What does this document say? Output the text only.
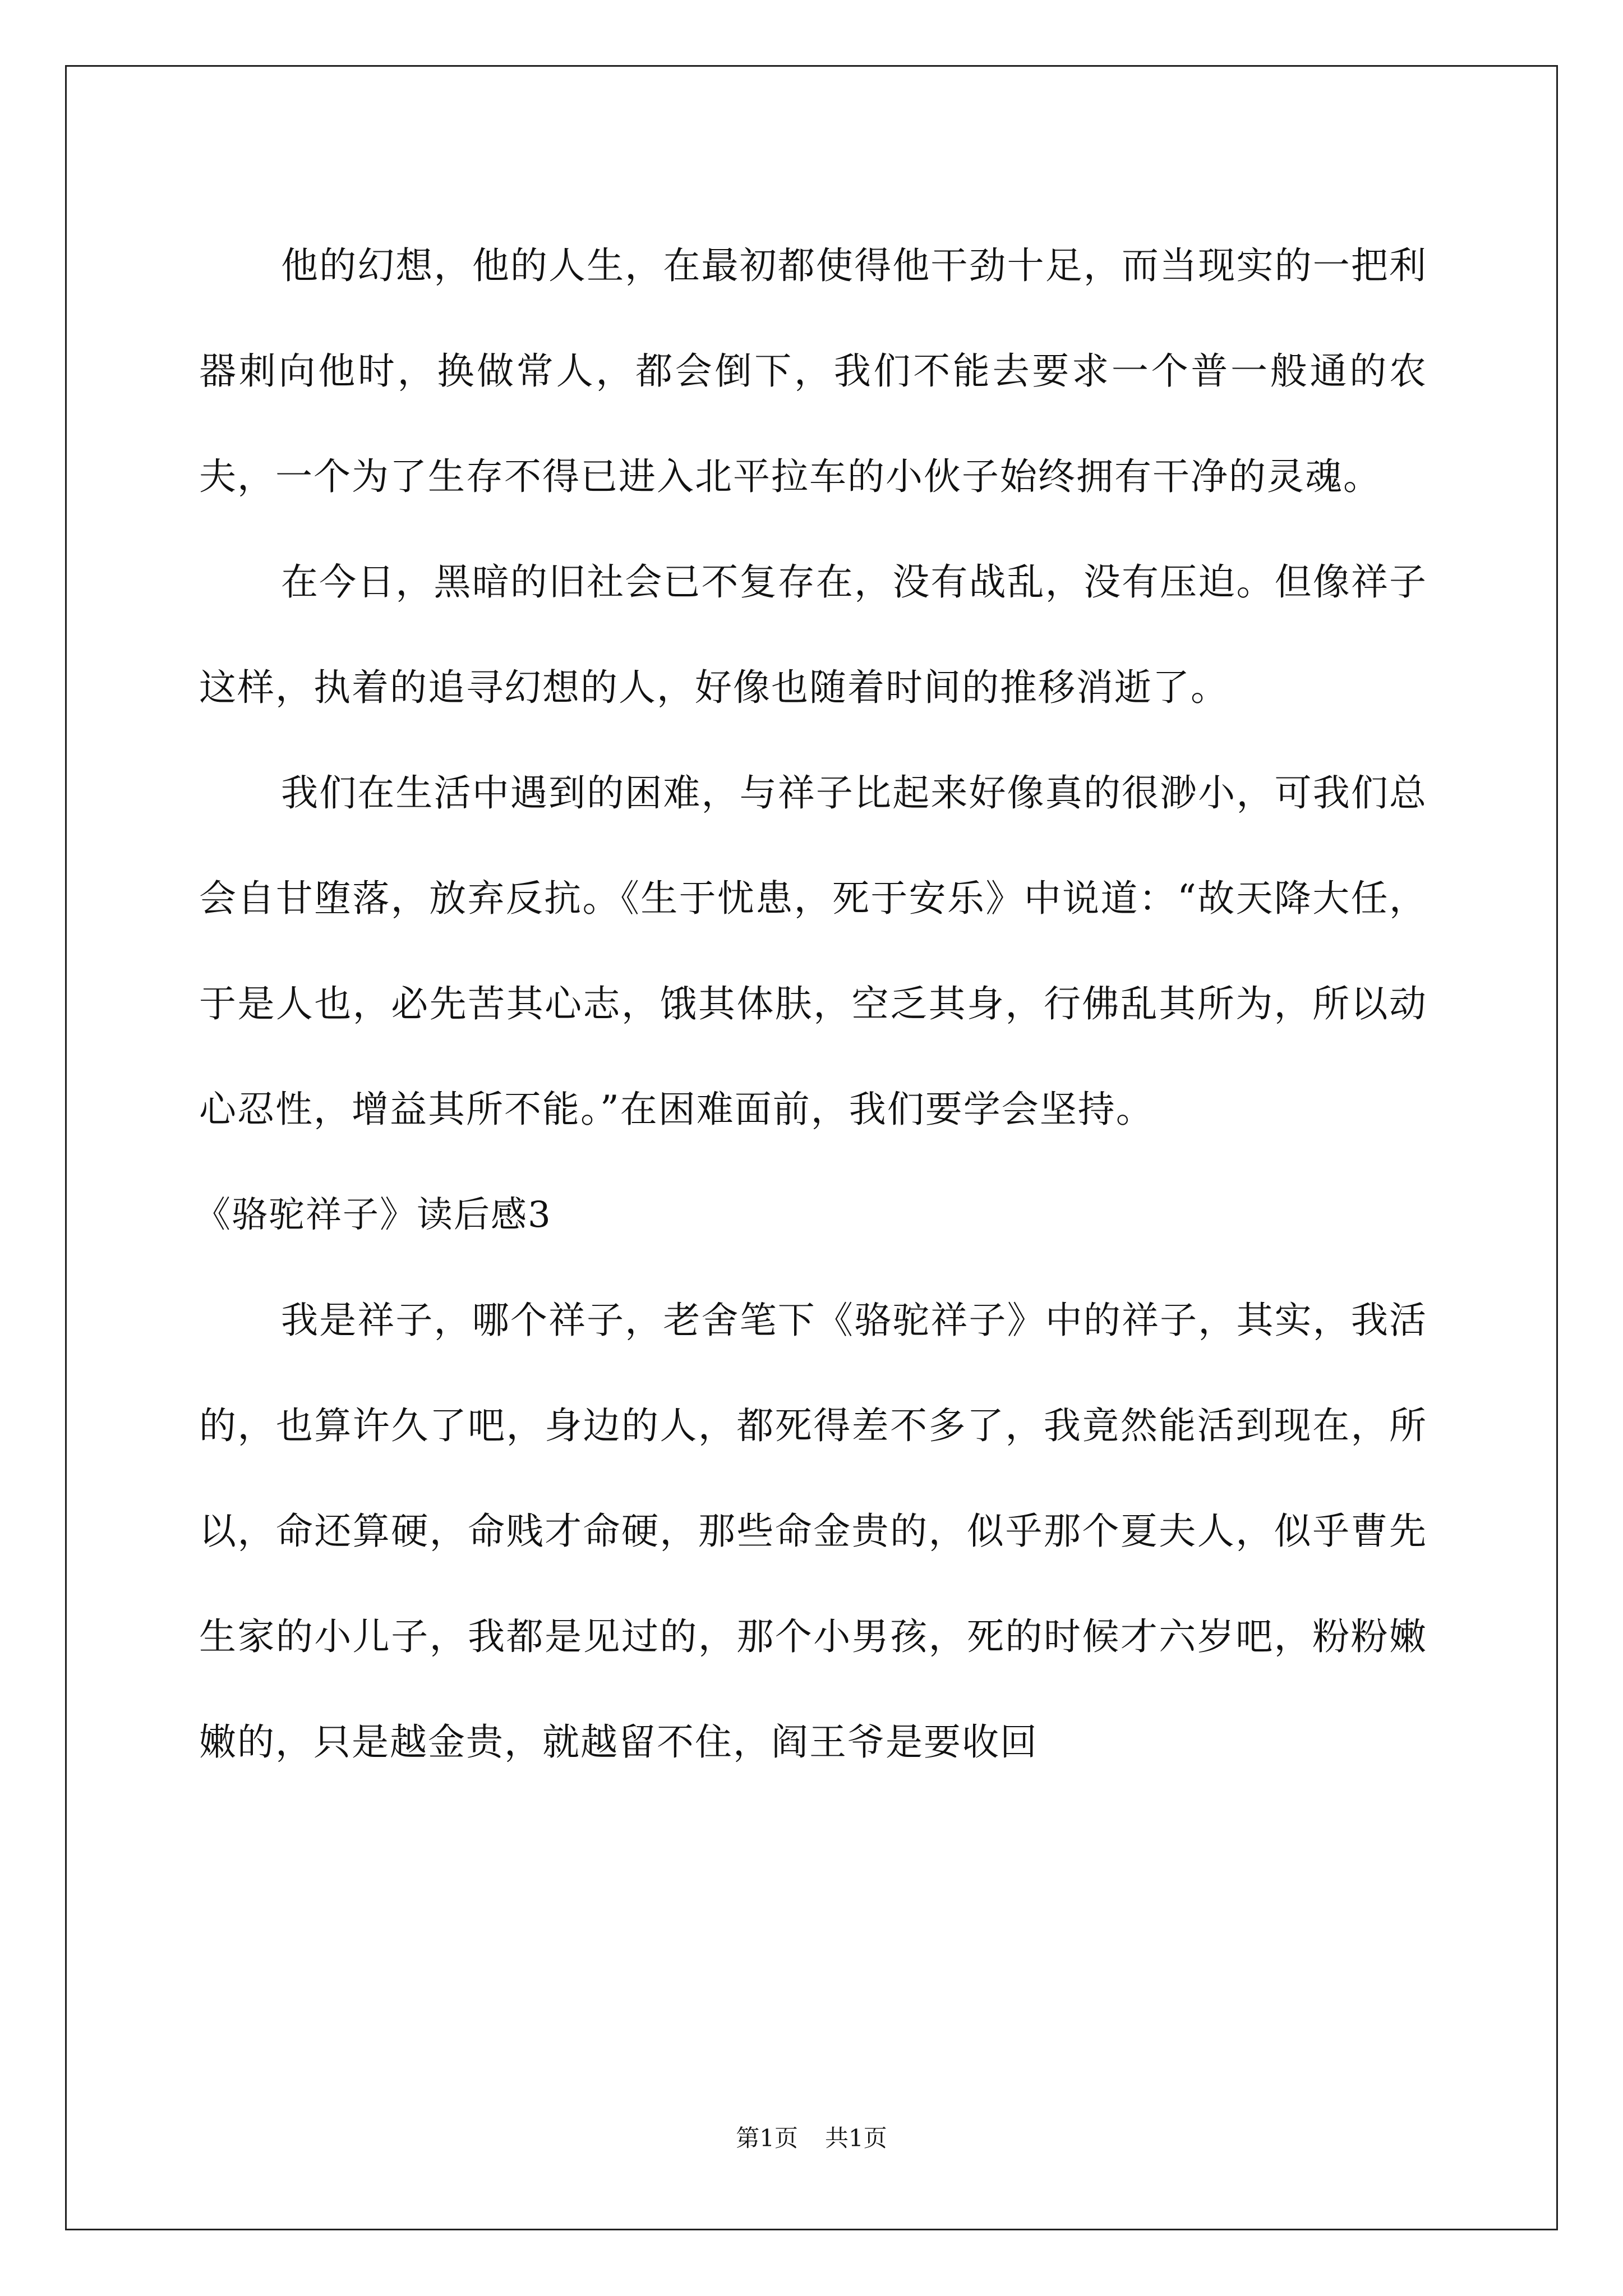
他的幻想，他的人生，在最初都使得他干劲十足，而当现实的一把利器刺向他时，换做常人，都会倒下，我们不能去要求一个普一般通的农夫，一个为了生存不得已进入北平拉车的小伙子始终拥有干净的灵魂。

在今日，黑暗的旧社会已不复存在，没有战乱，没有压迫。但像祥子这样，执着的追寻幻想的人，好像也随着时间的推移消逝了。

我们在生活中遇到的困难，与祥子比起来好像真的很渺小，可我们总会自甘堕落，放弃反抗。《生于忧患，死于安乐》中说道：“故天降大任，于是人也，必先苦其心志，饿其体肤，空乏其身，行佛乱其所为，所以动心忍性，增益其所不能。”在困难面前，我们要学会坚持。

《骆驼祥子》读后感3

我是祥子，哪个祥子，老舍笔下《骆驼祥子》中的祥子，其实，我活的，也算许久了吧，身边的人，都死得差不多了，我竟然能活到现在，所以，命还算硬，命贱才命硬，那些命金贵的，似乎那个夏夫人，似乎曹先生家的小儿子，我都是见过的，那个小男孩，死的时候才六岁吧，粉粉嫩嫩的，只是越金贵，就越留不住，阎王爷是要收回

第1页 共1页
